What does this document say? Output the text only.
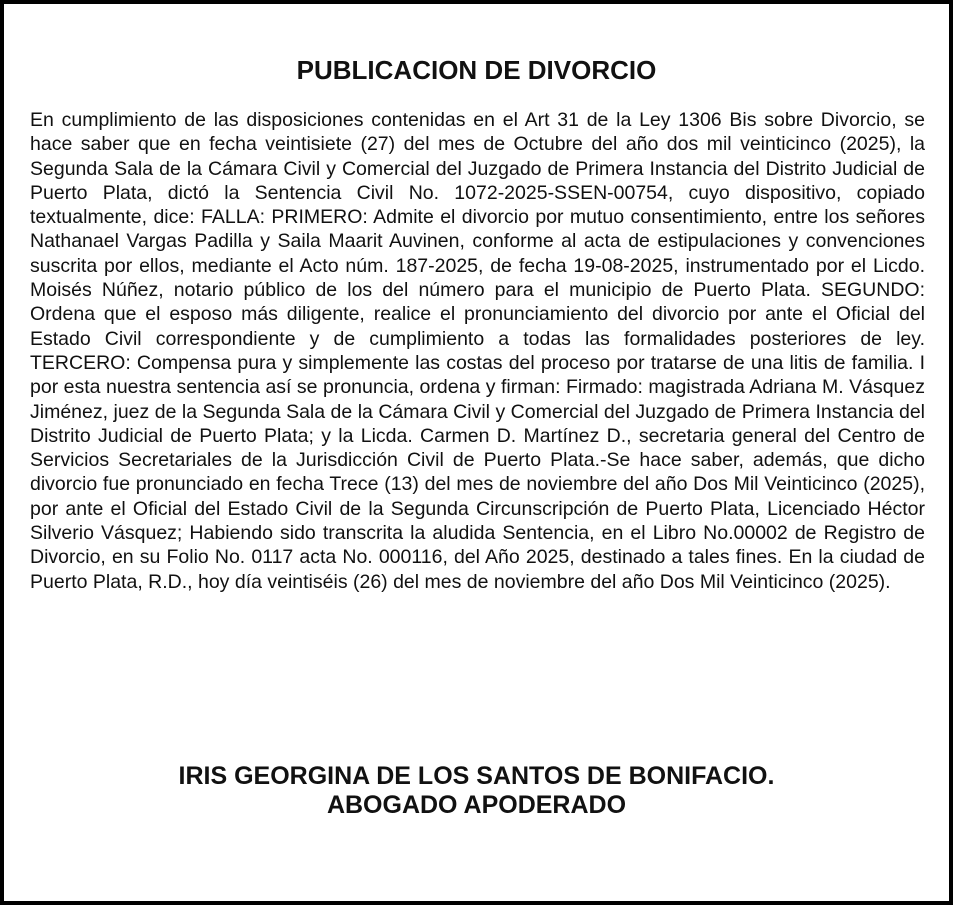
PUBLICACION DE DIVORCIO

En cumplimiento de las disposiciones contenidas en el Art 31 de la Ley 1306 Bis sobre Divorcio, se hace saber que en fecha veintisiete (27) del mes de Octubre del año dos mil veinticinco (2025), la Segunda Sala de la Cámara Civil y Comercial del Juzgado de Primera Instancia del Distrito Judicial de Puerto Plata, dictó la Sentencia Civil No. 1072-2025-SSEN-00754, cuyo dispositivo, copiado textualmente, dice: FALLA: PRIMERO: Admite el divorcio por mutuo consentimiento, entre los señores Nathanael Vargas Padilla y Saila Maarit Auvinen, conforme al acta de estipulaciones y convenciones suscrita por ellos, mediante el Acto núm. 187-2025, de fecha 19-08-2025, instrumentado por el Licdo. Moisés Núñez, notario público de los del número para el municipio de Puerto Plata. SEGUNDO: Ordena que el esposo más diligente, realice el pronunciamiento del divorcio por ante el Oficial del Estado Civil correspondiente y de cumplimiento a todas las formalidades posteriores de ley. TERCERO: Compensa pura y simplemente las costas del proceso por tratarse de una litis de familia. I por esta nuestra sentencia así se pronuncia, ordena y firman: Firmado: magistrada Adriana M. Vásquez Jiménez, juez de la Segunda Sala de la Cámara Civil y Comercial del Juzgado de Primera Instancia del Distrito Judicial de Puerto Plata; y la Licda. Carmen D. Martínez D., secretaria general del Centro de Servicios Secretariales de la Jurisdicción Civil de Puerto Plata.-Se hace saber, además, que dicho divorcio fue pronunciado en fecha Trece (13) del mes de noviembre del año Dos Mil Veinticinco (2025), por ante el Oficial del Estado Civil de la Segunda Circunscripción de Puerto Plata, Licenciado Héctor Silverio Vásquez; Habiendo sido transcrita la aludida Sentencia, en el Libro No.00002 de Registro de Divorcio, en su Folio No. 0117 acta No. 000116, del Año 2025, destinado a tales fines. En la ciudad de Puerto Plata, R.D., hoy día veintiséis (26) del mes de noviembre del año Dos Mil Veinticinco (2025).

IRIS GEORGINA DE LOS SANTOS DE BONIFACIO.
ABOGADO APODERADO
